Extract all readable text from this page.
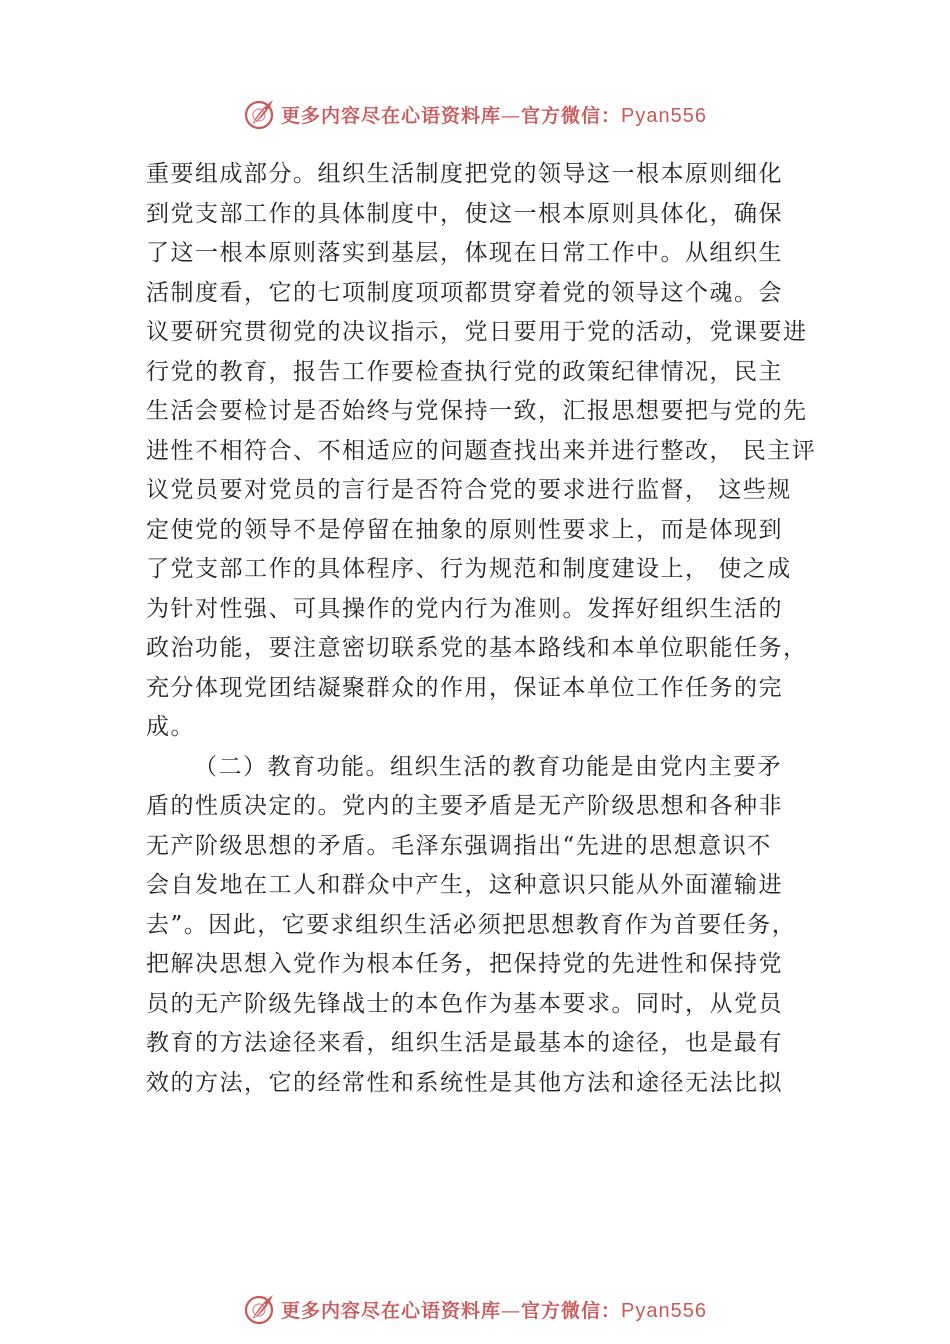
更多内容尽在心语资料库—官方微信：Pyan556
重要组成部分。组织生活制度把党的领导这一根本原则细化
到党支部工作的具体制度中，使这一根本原则具体化，确保
了这一根本原则落实到基层，体现在日常工作中。从组织生
活制度看，它的七项制度项项都贯穿着党的领导这个魂。会
议要研究贯彻党的决议指示，党日要用于党的活动，党课要进
行党的教育，报告工作要检查执行党的政策纪律情况，民主
生活会要检讨是否始终与党保持一致，汇报思想要把与党的先
进性不相符合、不相适应的问题查找出来并进行整改， 民主评
议党员要对党员的言行是否符合党的要求进行监督， 这些规
定使党的领导不是停留在抽象的原则性要求上，而是体现到
了党支部工作的具体程序、行为规范和制度建设上， 使之成
为针对性强、可具操作的党内行为准则。发挥好组织生活的
政治功能，要注意密切联系党的基本路线和本单位职能任务，
充分体现党团结凝聚群众的作用，保证本单位工作任务的完
成。
（二）教育功能。组织生活的教育功能是由党内主要矛
盾的性质决定的。党内的主要矛盾是无产阶级思想和各种非
无产阶级思想的矛盾。毛泽东强调指出“先进的思想意识不
会自发地在工人和群众中产生，这种意识只能从外面灌输进
去”。因此，它要求组织生活必须把思想教育作为首要任务，
把解决思想入党作为根本任务，把保持党的先进性和保持党
员的无产阶级先锋战士的本色作为基本要求。同时，从党员
教育的方法途径来看，组织生活是最基本的途径，也是最有
效的方法，它的经常性和系统性是其他方法和途径无法比拟
更多内容尽在心语资料库—官方微信：Pyan556
